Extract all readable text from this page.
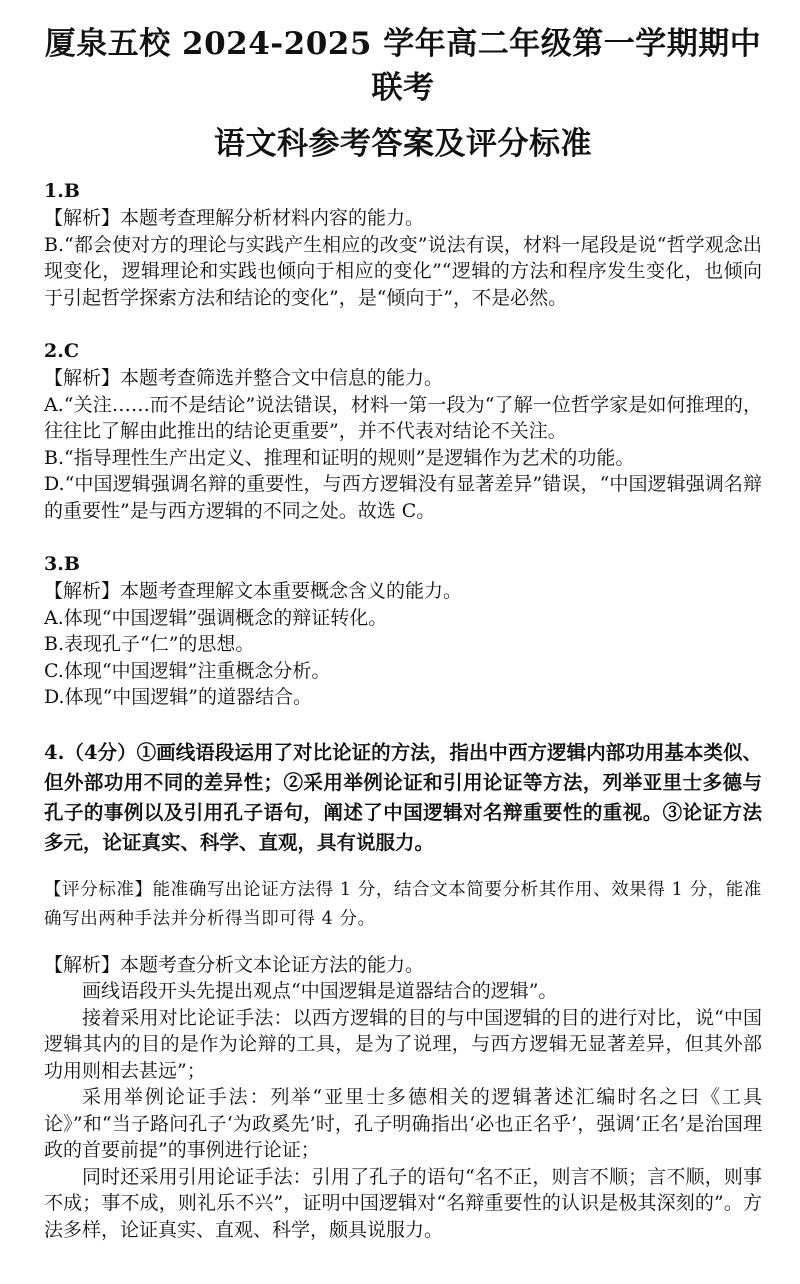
厦泉五校 2024-2025 学年高二年级第一学期期中联考
语文科参考答案及评分标准

1.B

【解析】本题考查理解分析材料内容的能力。

B.“都会使对方的理论与实践产生相应的改变”说法有误，材料一尾段是说“哲学观念出现变化，逻辑理论和实践也倾向于相应的变化”“逻辑的方法和程序发生变化，也倾向于引起哲学探索方法和结论的变化”，是“倾向于”，不是必然。

2.C

【解析】本题考查筛选并整合文中信息的能力。

A.“关注……而不是结论”说法错误，材料一第一段为“了解一位哲学家是如何推理的，往往比了解由此推出的结论更重要”，并不代表对结论不关注。

B.“指导理性生产出定义、推理和证明的规则”是逻辑作为艺术的功能。

D.“中国逻辑强调名辩的重要性，与西方逻辑没有显著差异”错误，“中国逻辑强调名辩的重要性”是与西方逻辑的不同之处。故选 C。

3.B

【解析】本题考查理解文本重要概念含义的能力。

A.体现“中国逻辑”强调概念的辩证转化。

B.表现孔子“仁”的思想。

C.体现“中国逻辑”注重概念分析。

D.体现“中国逻辑”的道器结合。

4.（4分）①画线语段运用了对比论证的方法，指出中西方逻辑内部功用基本类似、但外部功用不同的差异性；②采用举例论证和引用论证等方法，列举亚里士多德与孔子的事例以及引用孔子语句，阐述了中国逻辑对名辩重要性的重视。③论证方法多元，论证真实、科学、直观，具有说服力。

【评分标准】能准确写出论证方法得 1 分，结合文本简要分析其作用、效果得 1 分，能准确写出两种手法并分析得当即可得 4 分。

【解析】本题考查分析文本论证方法的能力。

画线语段开头先提出观点“中国逻辑是道器结合的逻辑”。

接着采用对比论证手法：以西方逻辑的目的与中国逻辑的目的进行对比，说“中国逻辑其内的目的是作为论辩的工具，是为了说理，与西方逻辑无显著差异，但其外部功用则相去甚远”；

采用举例论证手法：列举“亚里士多德相关的逻辑著述汇编时名之曰《工具论》”和“当子路问孔子‘为政奚先’时，孔子明确指出‘必也正名乎’，强调‘正名’是治国理政的首要前提”的事例进行论证；

同时还采用引用论证手法：引用了孔子的语句“名不正，则言不顺；言不顺，则事不成；事不成，则礼乐不兴”，证明中国逻辑对“名辩重要性的认识是极其深刻的”。方法多样，论证真实、直观、科学，颇具说服力。
